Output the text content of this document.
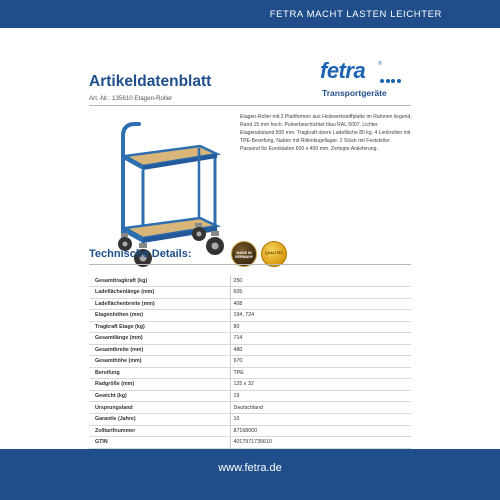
FETRA MACHT LASTEN LEICHTER
Artikeldatenblatt
Art.-Nr.: 135610 Etagen-Roller
fetra	®
Transportgeräte
Etagen-Roller mit 2 Plattformen aus Holzwerkstoffplatte im Rahmen liegend, Rand 15 mm hoch. Pulverbeschichtet blau RAL 5007. Lichter Etagenabstand 500 mm. Tragkraft obere Ladefläche 80 kg. 4 Lenkrollen mit TPE-Bereifung, Naben mit Rillenkugellager. 2 Stück mit Feststeller. Passend für Eurokästen 600 x 400 mm. Zerlegte Anlieferung.
Technische Details:	MADE IN GERMANY
QUALITÄT
Gesamttragkraft (kg)	250
Ladeflächenlänge (mm)	605
Ladeflächenbreite (mm)	408
Etagenhöhen (mm)	194, 724
Tragkraft Etage (kg)	80
Gesamtlänge (mm)	714
Gesamtbreite (mm)	480
Gesamthöhe (mm)	970
Bereifung	TPE
Radgröße (mm)	125 x 32
Gewicht (kg)	19
Ursprungsland	Deutschland
Garantie (Jahre)	10
Zolltarifnummer	87168000
GTIN	4017971735610
www.fetra.de
